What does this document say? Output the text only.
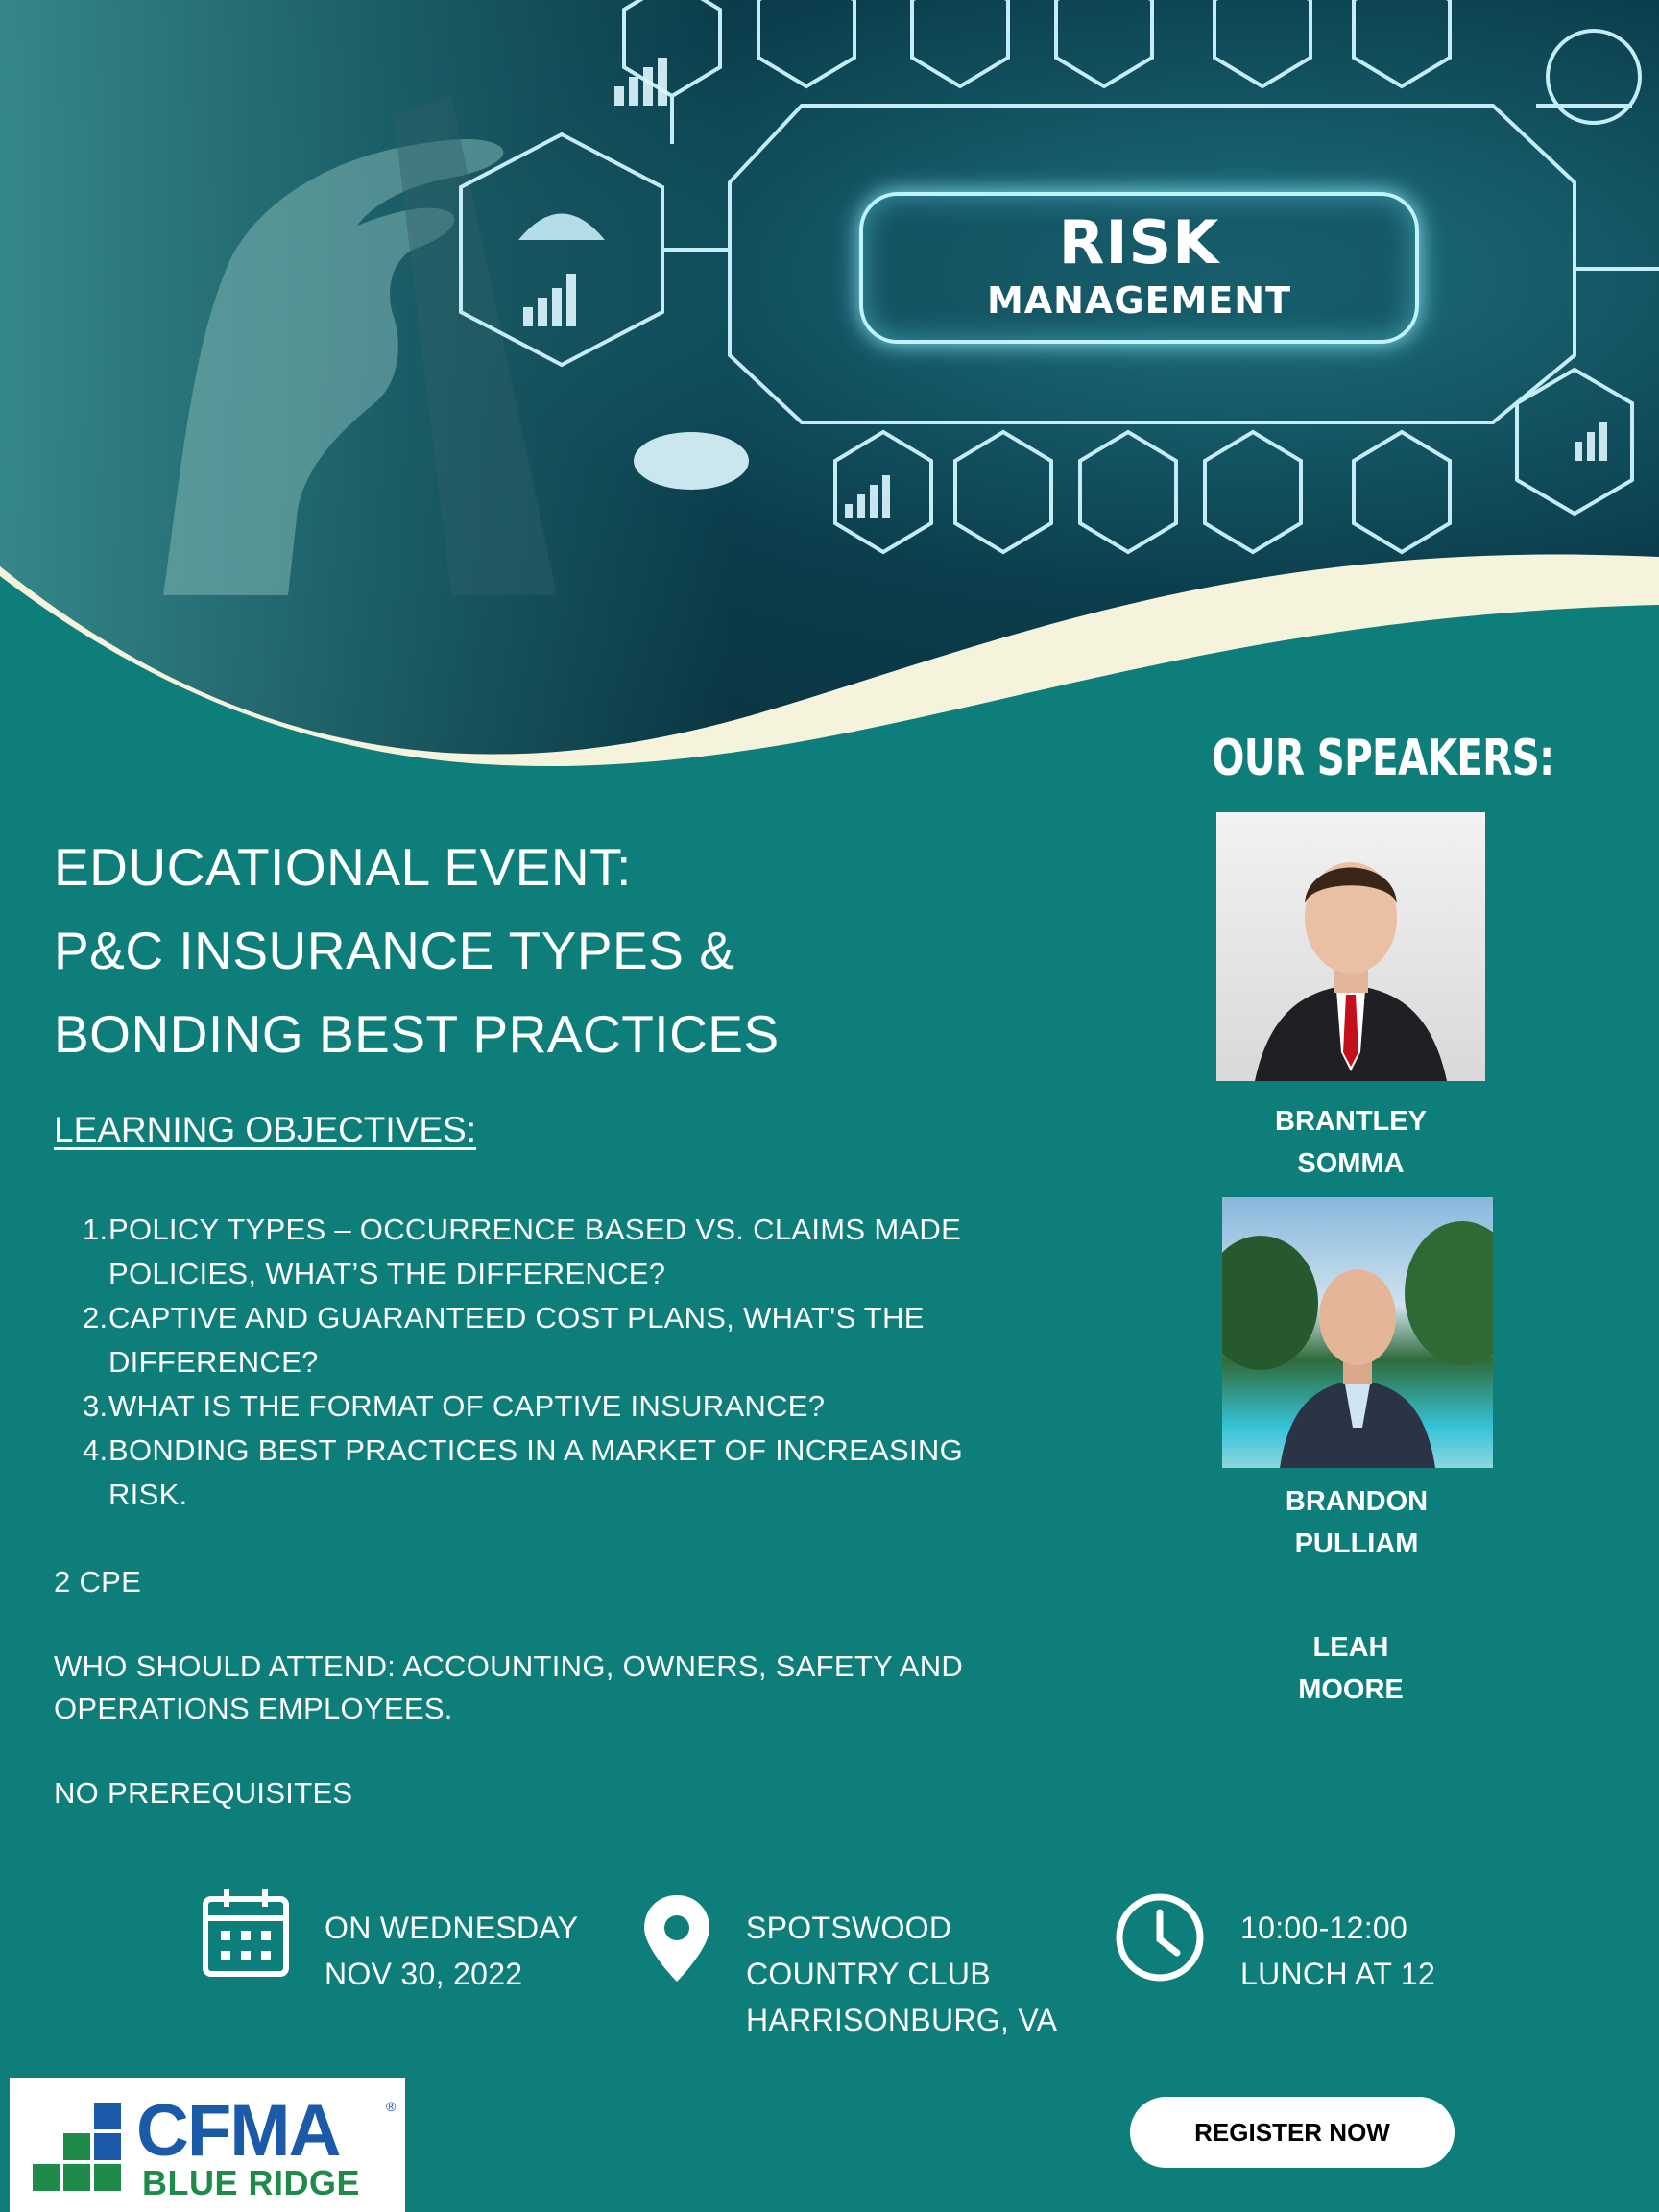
RISK
MANAGEMENT
OUR SPEAKERS:
BRANTLEY
SOMMA
BRANDON
PULLIAM
LEAH
MOORE
EDUCATIONAL EVENT:
P&C INSURANCE TYPES &
BONDING BEST PRACTICES
LEARNING OBJECTIVES:
1. POLICY TYPES – OCCURRENCE BASED VS. CLAIMS MADE POLICIES, WHAT’S THE DIFFERENCE?
2. CAPTIVE AND GUARANTEED COST PLANS, WHAT'S THE DIFFERENCE?
3. WHAT IS THE FORMAT OF CAPTIVE INSURANCE?
4. BONDING BEST PRACTICES IN A MARKET OF INCREASING RISK.
2 CPE
WHO SHOULD ATTEND: ACCOUNTING, OWNERS, SAFETY AND
OPERATIONS EMPLOYEES.
NO PREREQUISITES
ON WEDNESDAY
NOV 30, 2022
SPOTSWOOD
COUNTRY CLUB
HARRISONBURG, VA
10:00-12:00
LUNCH AT 12
CFMA	®
BLUE RIDGE
REGISTER NOW
